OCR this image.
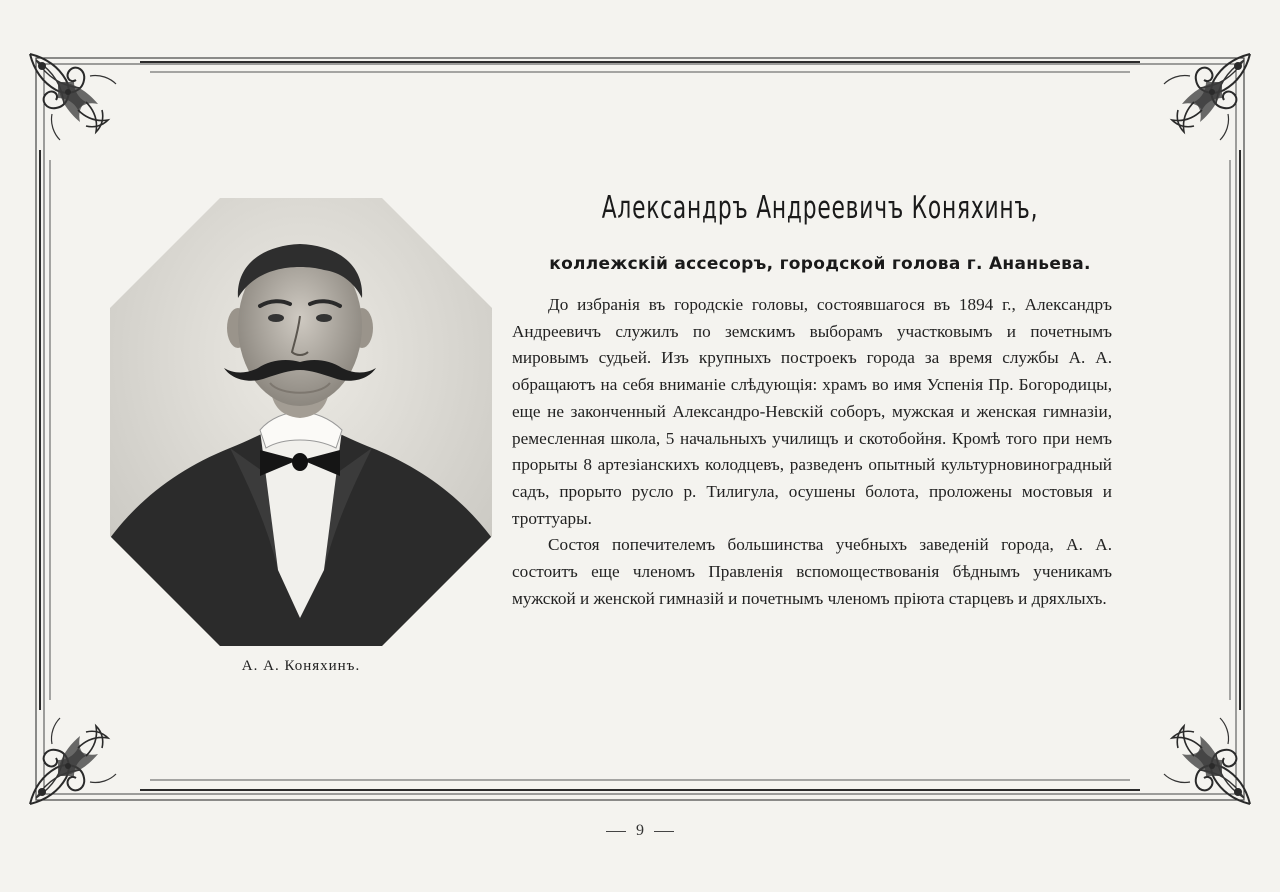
А. А. Коняхинъ.
Александръ Андреевичъ Коняхинъ,
коллежскій ассесоръ, городской голова г. Ананьева.

До избранія въ городскіе головы, состоявшагося въ 1894 г., Александръ Андреевичъ служилъ по земскимъ выборамъ участковымъ и почетнымъ мировымъ судьей. Изъ крупныхъ построекъ города за время службы А. А. обращаютъ на себя вниманіе слѣдующія: храмъ во имя Успенія Пр. Богородицы, еще не законченный Александро-Невскій соборъ, мужская и женская гимназіи, ремесленная школа, 5 начальныхъ училищъ и скотобойня. Кромѣ того при немъ прорыты 8 артезіанскихъ колодцевъ, разведенъ опытный культурновиноградный садъ, прорыто русло р. Тилигула, осушены болота, проложены мостовыя и троттуары.

Состоя попечителемъ большинства учебныхъ заведеній города, А. А. состоитъ еще членомъ Правленія вспомоществованія бѣднымъ ученикамъ мужской и женской гимназій и почетнымъ членомъ пріюта старцевъ и дряхлыхъ.

9
